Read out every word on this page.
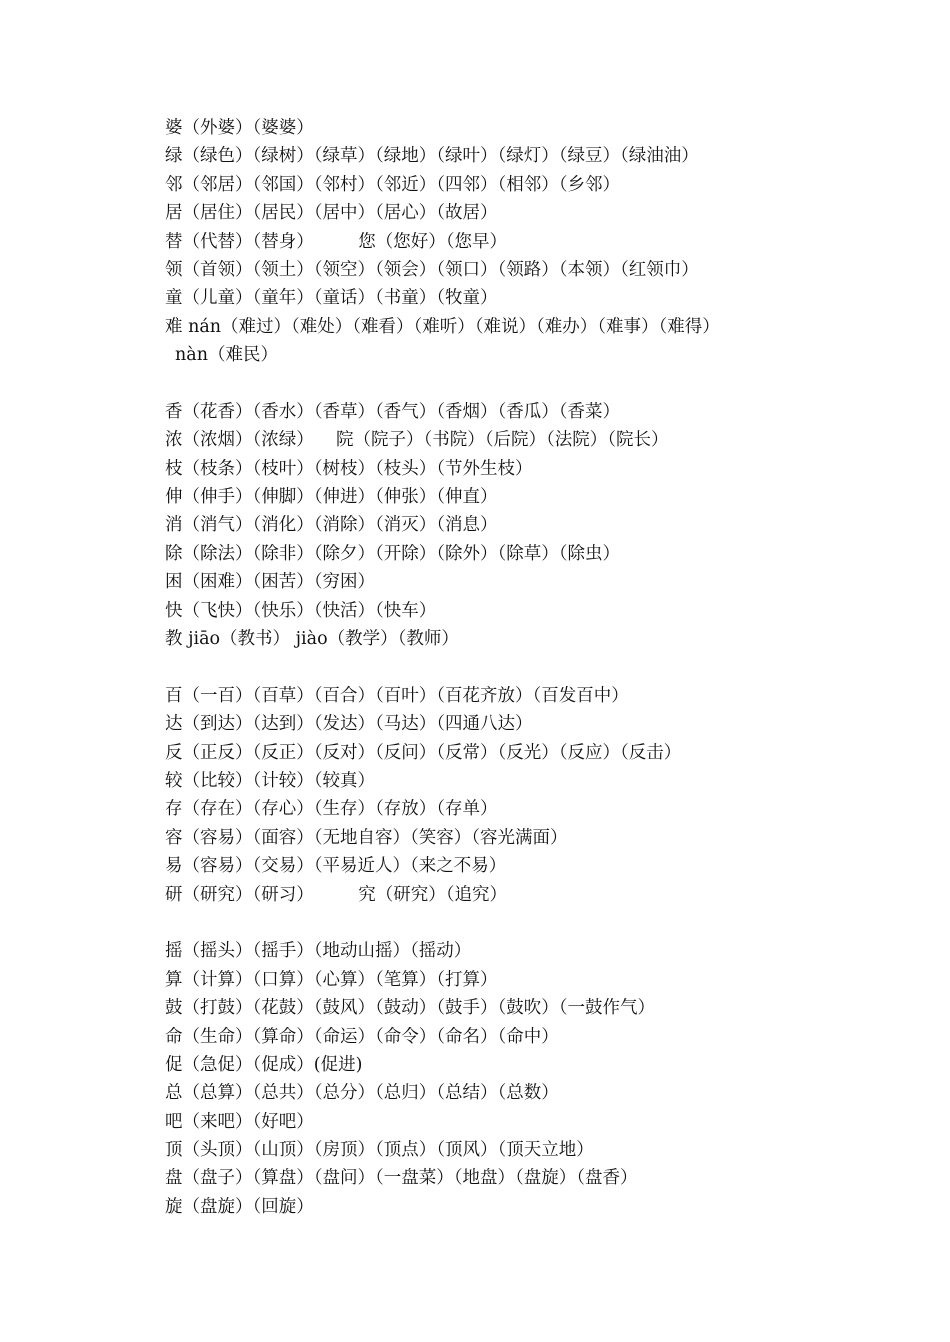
婆（外婆）（婆婆）
绿（绿色）（绿树）（绿草）（绿地）（绿叶）（绿灯）（绿豆）（绿油油）
邻（邻居）（邻国）（邻村）（邻近）（四邻）（相邻）（乡邻）
居（居住）（居民）（居中）（居心）（故居）
替（代替）（替身）        您（您好）（您早）
领（首领）（领土）（领空）（领会）（领口）（领路）（本领）（红领巾）
童（儿童）（童年）（童话）（书童）（牧童）
难 nán（难过）（难处）（难看）（难听）（难说）（难办）（难事）（难得）
nàn（难民）
香（花香）（香水）（香草）（香气）（香烟）（香瓜）（香菜）
浓（浓烟）（浓绿）    院（院子）（书院）（后院）（法院）（院长）
枝（枝条）（枝叶）（树枝）（枝头）（节外生枝）
伸（伸手）（伸脚）（伸进）（伸张）（伸直）
消（消气）（消化）（消除）（消灭）（消息）
除（除法）（除非）（除夕）（开除）（除外）（除草）（除虫）
困（困难）（困苦）（穷困）
快（飞快）（快乐）（快活）（快车）
教 jiāo（教书） jiào（教学）（教师）
百（一百）（百草）（百合）（百叶）（百花齐放）（百发百中）
达（到达）（达到）（发达）（马达）（四通八达）
反（正反）（反正）（反对）（反问）（反常）（反光）（反应）（反击）
较（比较）（计较）（较真）
存（存在）（存心）（生存）（存放）（存单）
容（容易）（面容）（无地自容）（笑容）（容光满面）
易（容易）（交易）（平易近人）（来之不易）
研（研究）（研习）        究（研究）（追究）
摇（摇头）（摇手）（地动山摇）（摇动）
算（计算）（口算）（心算）（笔算）（打算）
鼓（打鼓）（花鼓）（鼓风）（鼓动）（鼓手）（鼓吹）（一鼓作气）
命（生命）（算命）（命运）（命令）（命名）（命中）
促（急促）（促成）(促进)
总（总算）（总共）（总分）（总归）（总结）（总数）
吧（来吧）（好吧）
顶（头顶）（山顶）（房顶）（顶点）（顶风）（顶天立地）
盘（盘子）（算盘）（盘问）（一盘菜）（地盘）（盘旋）（盘香）
旋（盘旋）（回旋）
